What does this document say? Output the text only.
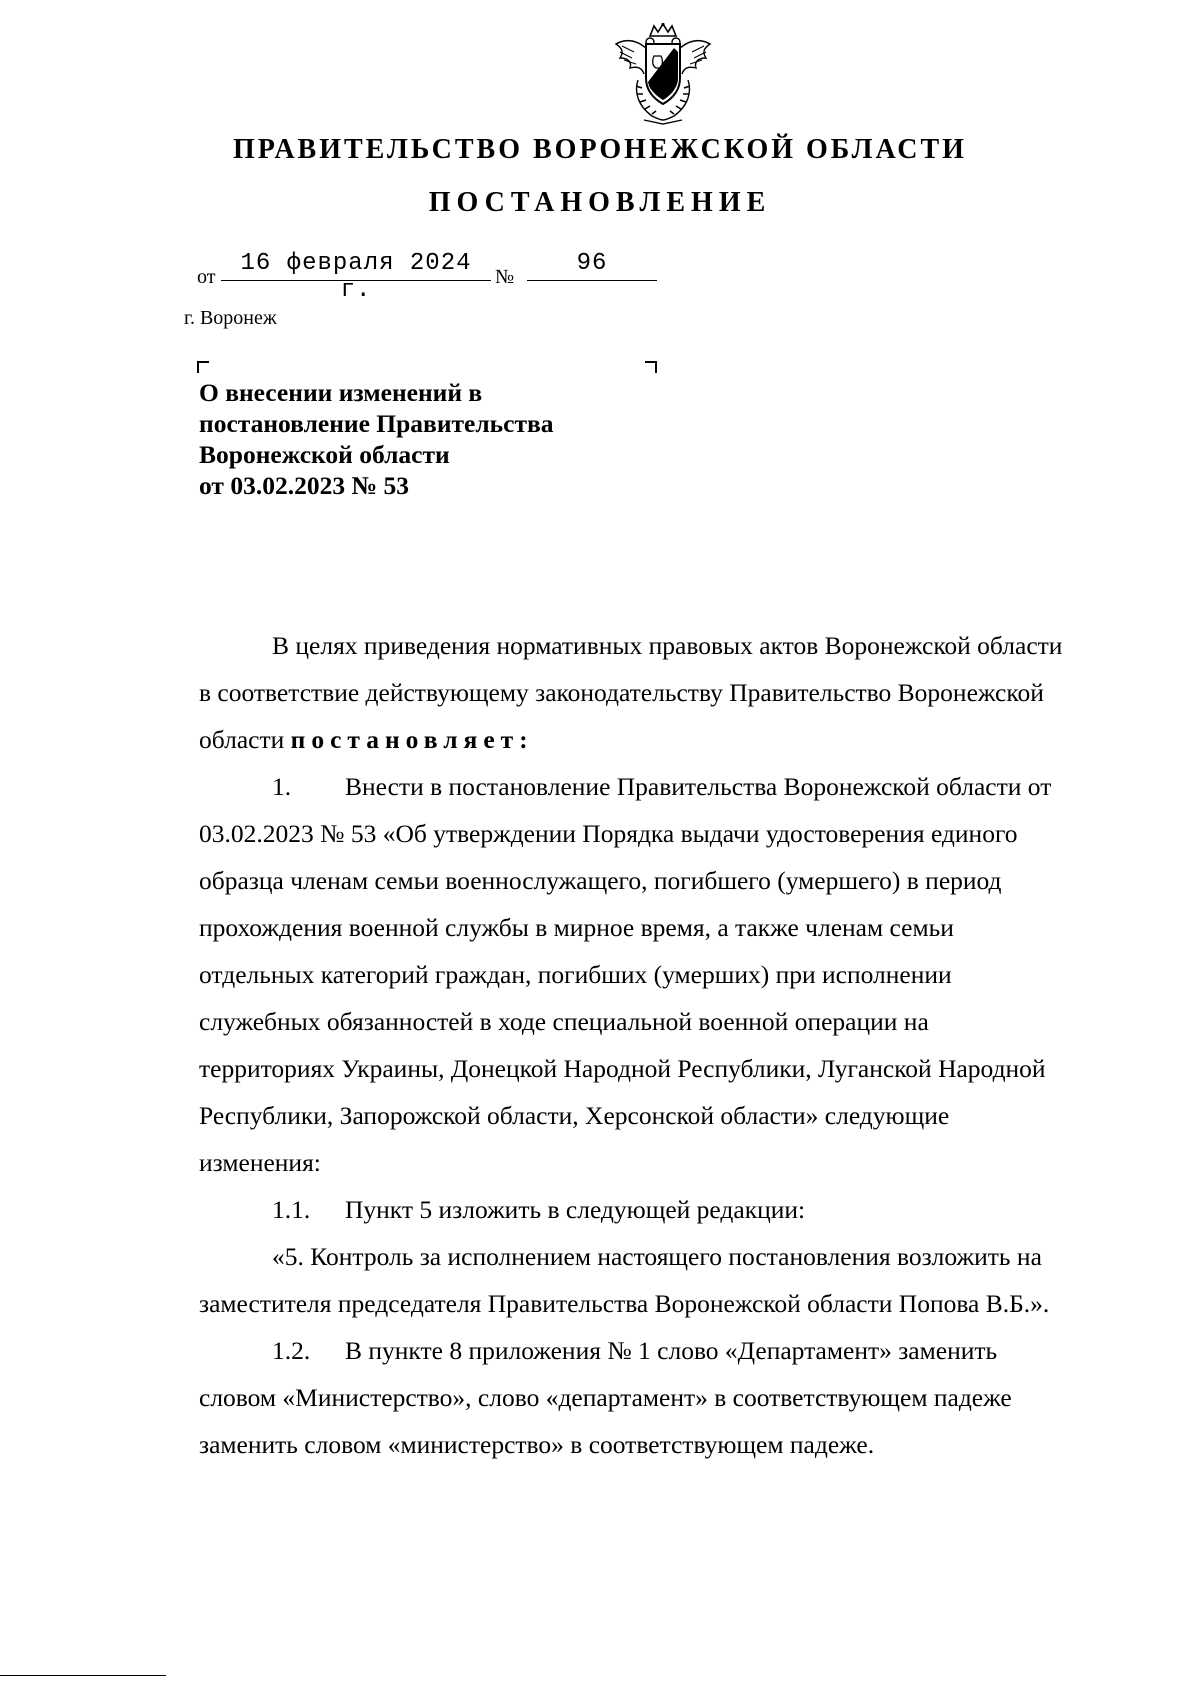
ПРАВИТЕЛЬСТВО ВОРОНЕЖСКОЙ ОБЛАСТИ
ПОСТАНОВЛЕНИЕ
от	16 февраля 2024 г.	№	96
г. Воронеж
О внесении изменений в
постановление Правительства
Воронежской области
от 03.02.2023 № 53
В целях приведения нормативных правовых актов Воронежской области
в соответствие действующему законодательству Правительство Воронежской
области постановляет:
1. Внести в постановление Правительства Воронежской области от
03.02.2023 № 53 «Об утверждении Порядка выдачи удостоверения единого
образца членам семьи военнослужащего, погибшего (умершего) в период
прохождения военной службы в мирное время, а также членам семьи
отдельных категорий граждан, погибших (умерших) при исполнении
служебных обязанностей в ходе специальной военной операции на
территориях Украины, Донецкой Народной Республики, Луганской Народной
Республики, Запорожской области, Херсонской области» следующие
изменения:
1.1. Пункт 5 изложить в следующей редакции:
«5. Контроль за исполнением настоящего постановления возложить на
заместителя председателя Правительства Воронежской области Попова В.Б.».
1.2. В пункте 8 приложения № 1 слово «Департамент» заменить
словом «Министерство», слово «департамент» в соответствующем падеже
заменить словом «министерство» в соответствующем падеже.
